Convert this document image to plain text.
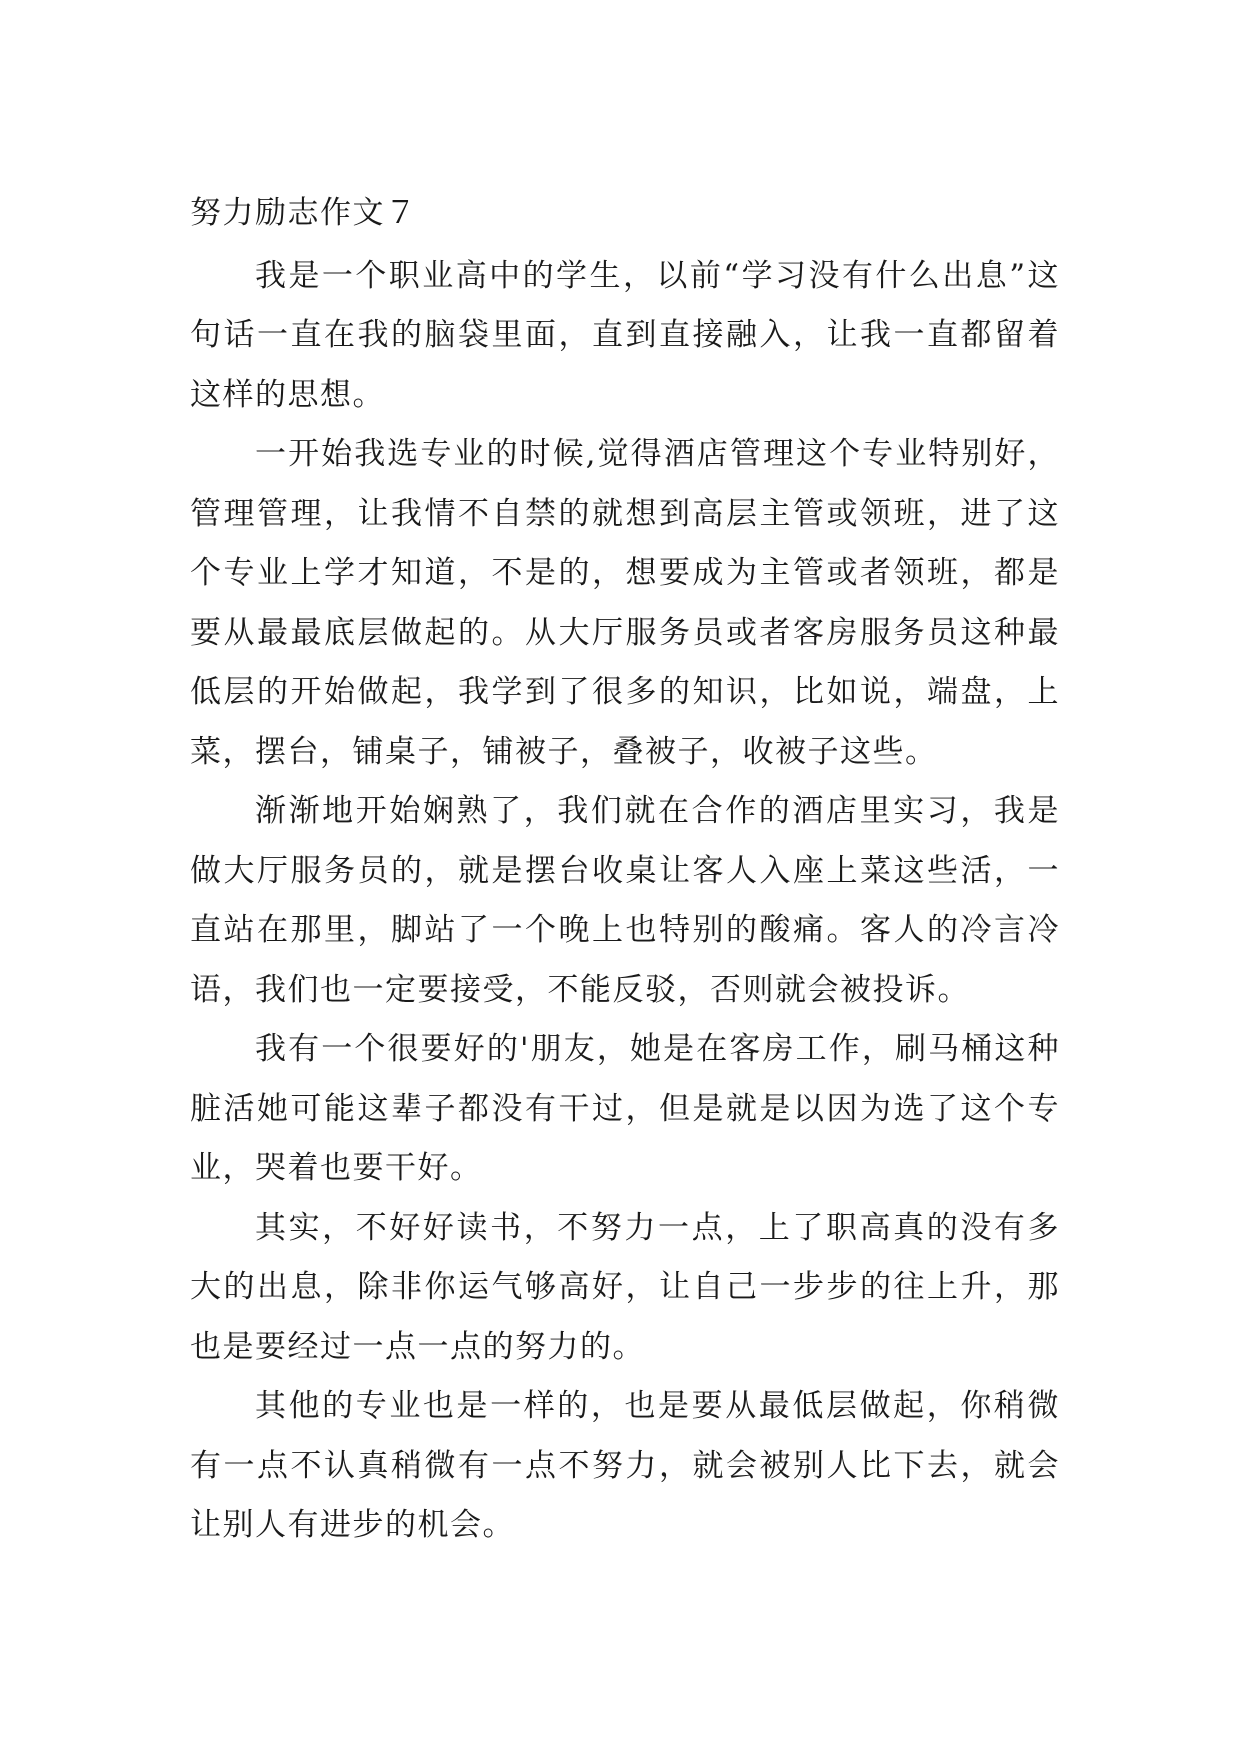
努力励志作文７

我是一个职业高中的学生，以前“学习没有什么出息”这句话一直在我的脑袋里面，直到直接融入，让我一直都留着这样的思想。

一开始我选专业的时候,觉得酒店管理这个专业特别好，管理管理，让我情不自禁的就想到高层主管或领班，进了这个专业上学才知道，不是的，想要成为主管或者领班，都是要从最最底层做起的。从大厅服务员或者客房服务员这种最低层的开始做起，我学到了很多的知识，比如说，端盘，上菜，摆台，铺桌子，铺被子，叠被子，收被子这些。

渐渐地开始娴熟了，我们就在合作的酒店里实习，我是做大厅服务员的，就是摆台收桌让客人入座上菜这些活，一直站在那里，脚站了一个晚上也特别的酸痛。客人的冷言冷语，我们也一定要接受，不能反驳，否则就会被投诉。

我有一个很要好的'朋友，她是在客房工作，刷马桶这种脏活她可能这辈子都没有干过，但是就是以因为选了这个专业，哭着也要干好。

其实，不好好读书，不努力一点，上了职高真的没有多大的出息，除非你运气够高好，让自己一步步的往上升，那也是要经过一点一点的努力的。

其他的专业也是一样的，也是要从最低层做起，你稍微有一点不认真稍微有一点不努力，就会被别人比下去，就会让别人有进步的机会。
